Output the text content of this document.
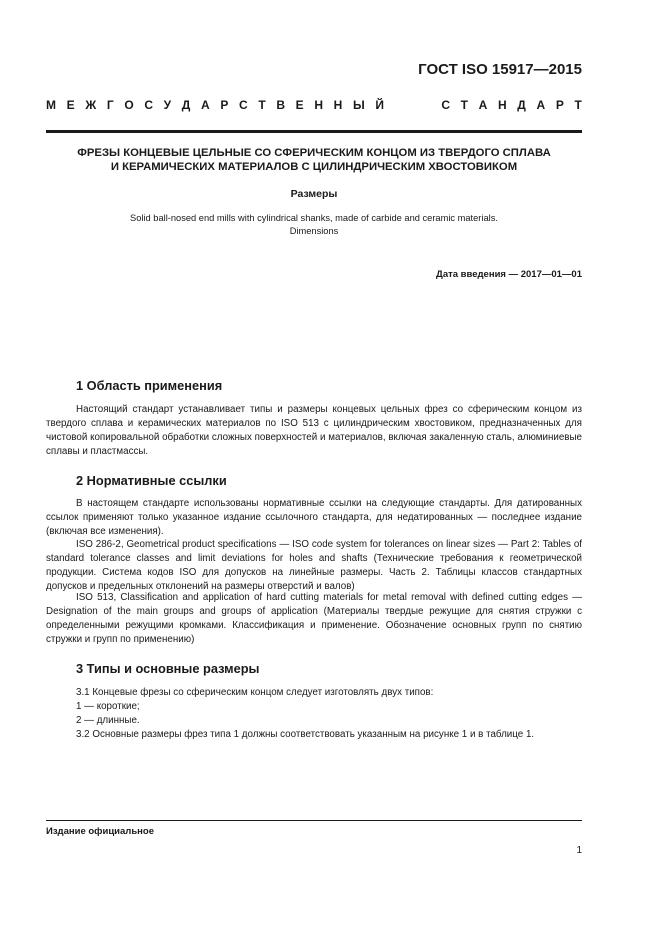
ГОСТ ISO 15917—2015
М Е Ж Г О С У Д А Р С Т В Е Н Н Ы Й	С Т А Н Д А Р Т
ФРЕЗЫ КОНЦЕВЫЕ ЦЕЛЬНЫЕ СО СФЕРИЧЕСКИМ КОНЦОМ ИЗ ТВЕРДОГО СПЛАВА
И КЕРАМИЧЕСКИХ МАТЕРИАЛОВ С ЦИЛИНДРИЧЕСКИМ ХВОСТОВИКОМ
Размеры
Solid ball-nosed end mills with cylindrical shanks, made of carbide and ceramic materials.
Dimensions
Дата введения — 2017—01—01
1 Область применения
Настоящий стандарт устанавливает типы и размеры концевых цельных фрез со сферическим концом из твердого сплава и керамических материалов по ISO 513 с цилиндрическим хвостовиком, предназначенных для чистовой копировальной обработки сложных поверхностей и материалов, включая закаленную сталь, алюминиевые сплавы и пластмассы.
2 Нормативные ссылки
В настоящем стандарте использованы нормативные ссылки на следующие стандарты. Для датированных ссылок применяют только указанное издание ссылочного стандарта, для недатированных — последнее издание (включая все изменения).
ISO 286-2, Geometrical product specifications — ISO code system for tolerances on linear sizes — Part 2: Tables of standard tolerance classes and limit deviations for holes and shafts (Технические требования к геометрической продукции. Система кодов ISO для допусков на линейные размеры. Часть 2. Таблицы классов стандартных допусков и предельных отклонений на размеры отверстий и валов)
ISO 513, Classification and application of hard cutting materials for metal removal with defined cutting edges — Designation of the main groups and groups of application (Материалы твердые режущие для снятия стружки с определенными режущими кромками. Классификация и применение. Обозначение основных групп по снятию стружки и групп по применению)
3 Типы и основные размеры
3.1 Концевые фрезы со сферическим концом следует изготовлять двух типов:
1 — короткие;
2 — длинные.
3.2 Основные размеры фрез типа 1 должны соответствовать указанным на рисунке 1 и в таблице 1.
Издание официальное
1
